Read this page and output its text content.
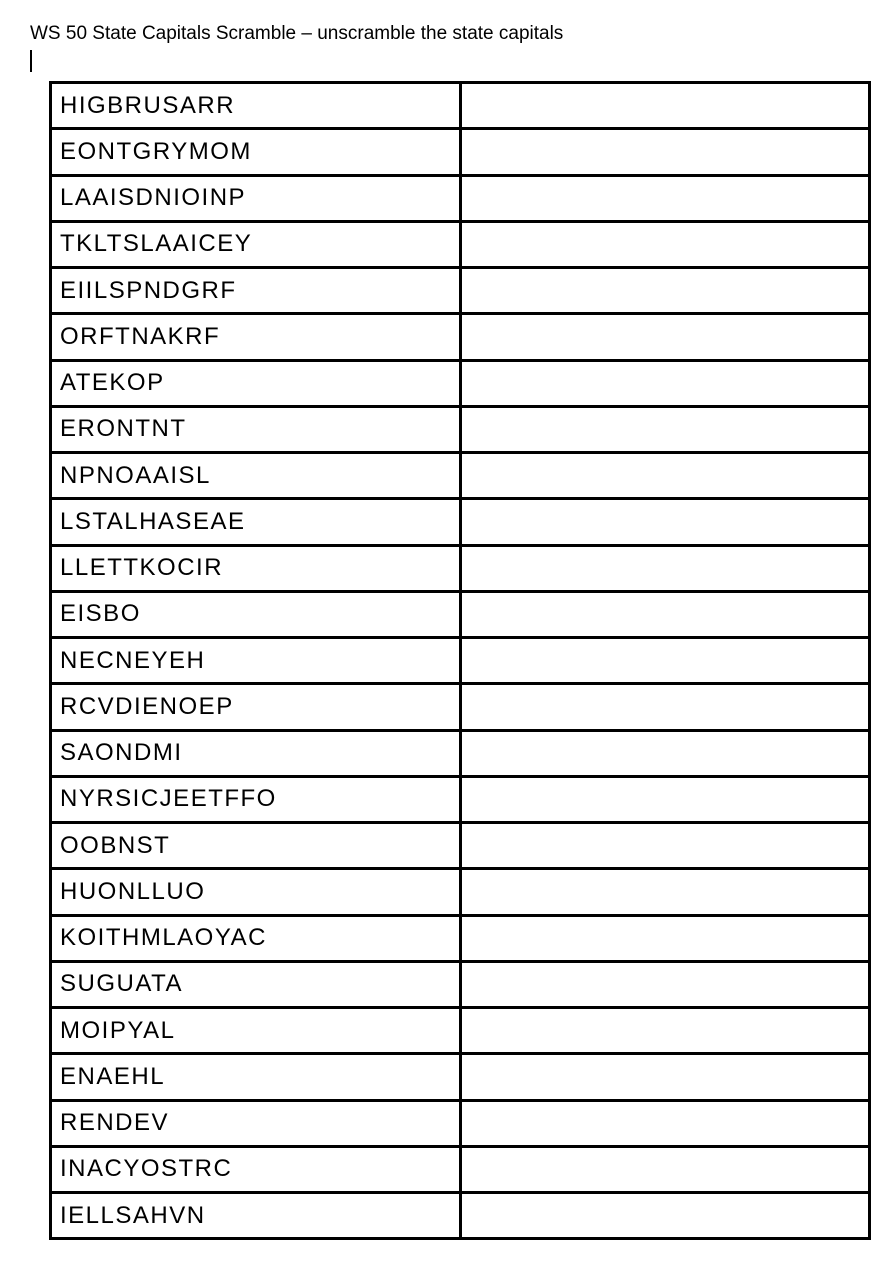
WS 50 State Capitals Scramble – unscramble the state capitals
HIGBRUSARR	
EONTGRYMOM	
LAAISDNIOINP	
TKLTSLAAICEY	
EIILSPNDGRF	
ORFTNAKRF	
ATEKOP	
ERONTNT	
NPNOAAISL	
LSTALHASEAE	
LLETTKOCIR	
EISBO	
NECNEYEH	
RCVDIENOEP	
SAONDMI	
NYRSICJEETFFO	
OOBNST	
HUONLLUO	
KOITHMLAOYAC	
SUGUATA	
MOIPYAL	
ENAEHL	
RENDEV	
INACYOSTRC	
IELLSAHVN	
